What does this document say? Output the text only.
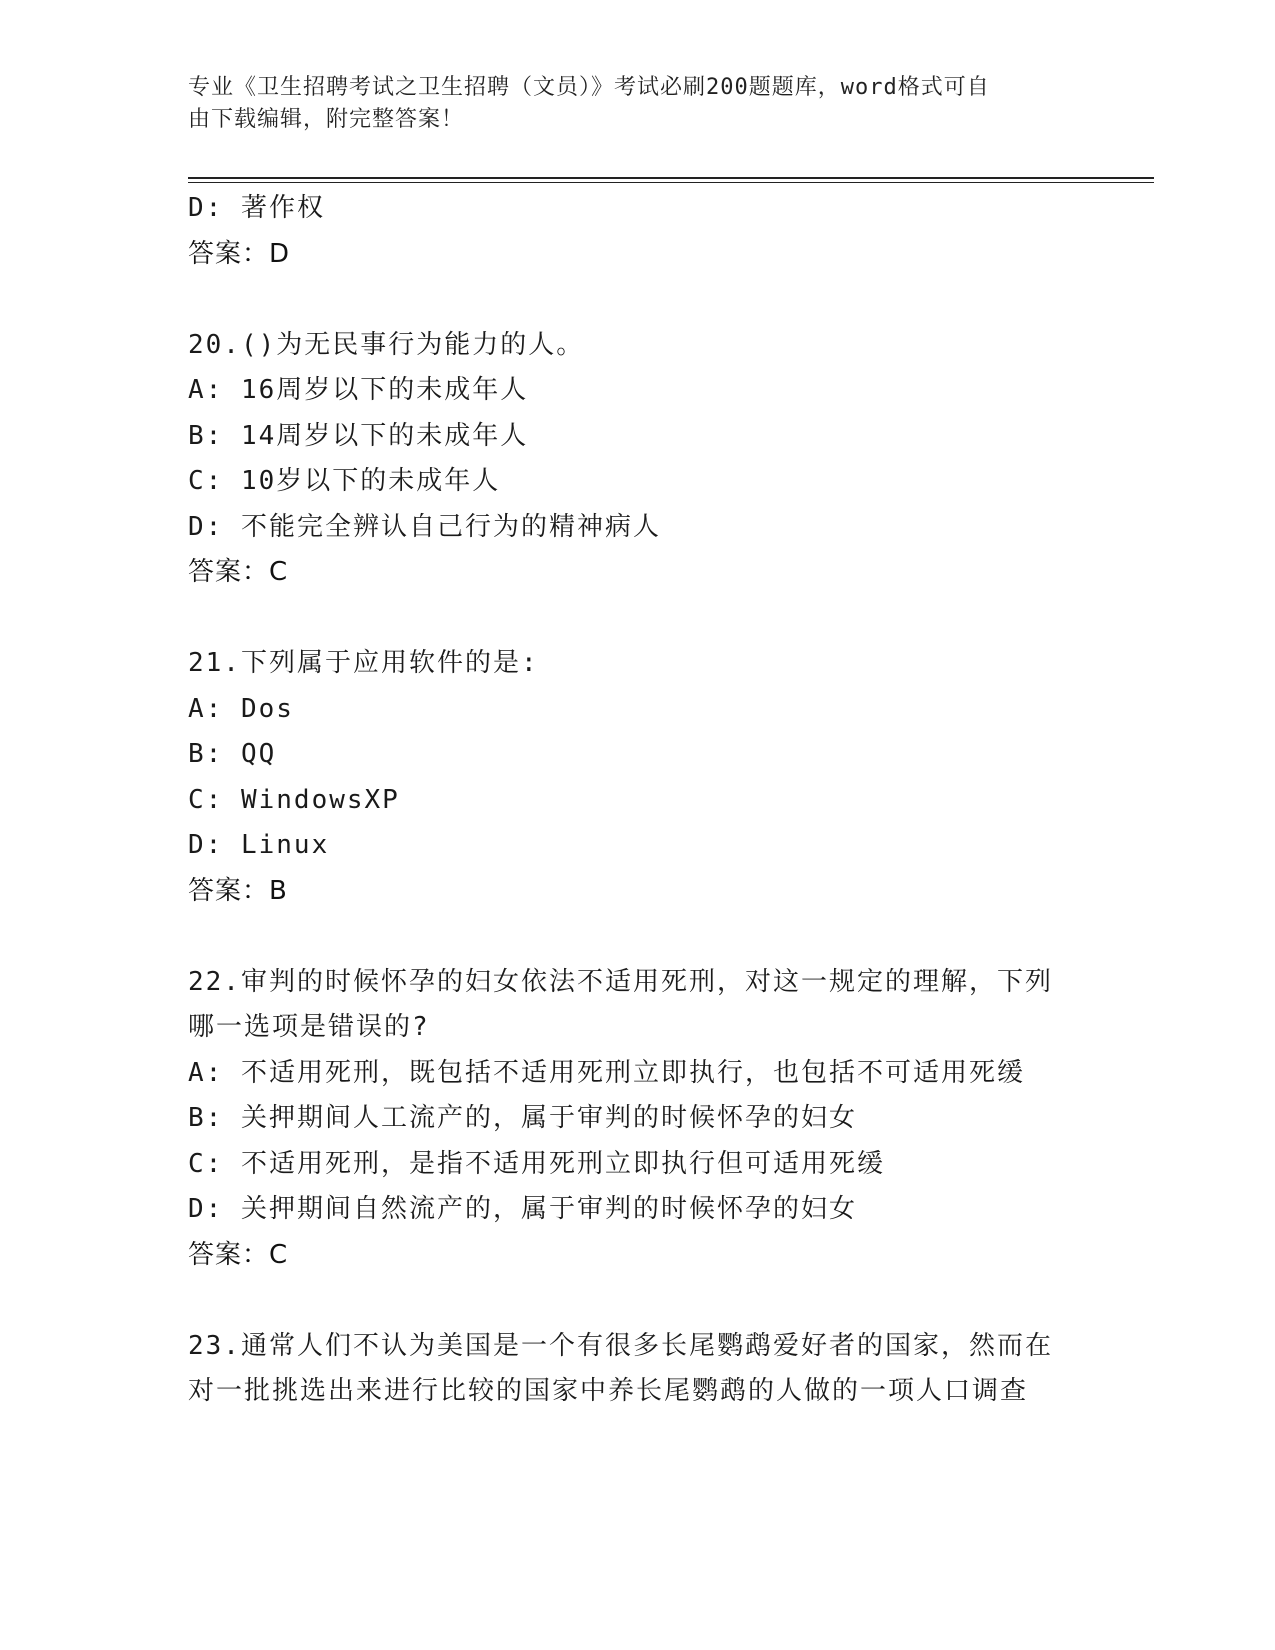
专业《卫生招聘考试之卫生招聘（文员）》考试必刷200题题库，word格式可自
由下载编辑，附完整答案！
D: 著作权
答案：D
20.()为无民事行为能力的人。
A: 16周岁以下的未成年人
B: 14周岁以下的未成年人
C: 10岁以下的未成年人
D: 不能完全辨认自己行为的精神病人
答案：C
21.下列属于应用软件的是:
A: Dos
B: QQ
C: WindowsXP
D: Linux
答案：B
22.审判的时候怀孕的妇女依法不适用死刑，对这一规定的理解，下列
哪一选项是错误的?
A: 不适用死刑，既包括不适用死刑立即执行，也包括不可适用死缓
B: 关押期间人工流产的，属于审判的时候怀孕的妇女
C: 不适用死刑，是指不适用死刑立即执行但可适用死缓
D: 关押期间自然流产的，属于审判的时候怀孕的妇女
答案：C
23.通常人们不认为美国是一个有很多长尾鹦鹉爱好者的国家，然而在
对一批挑选出来进行比较的国家中养长尾鹦鹉的人做的一项人口调查
